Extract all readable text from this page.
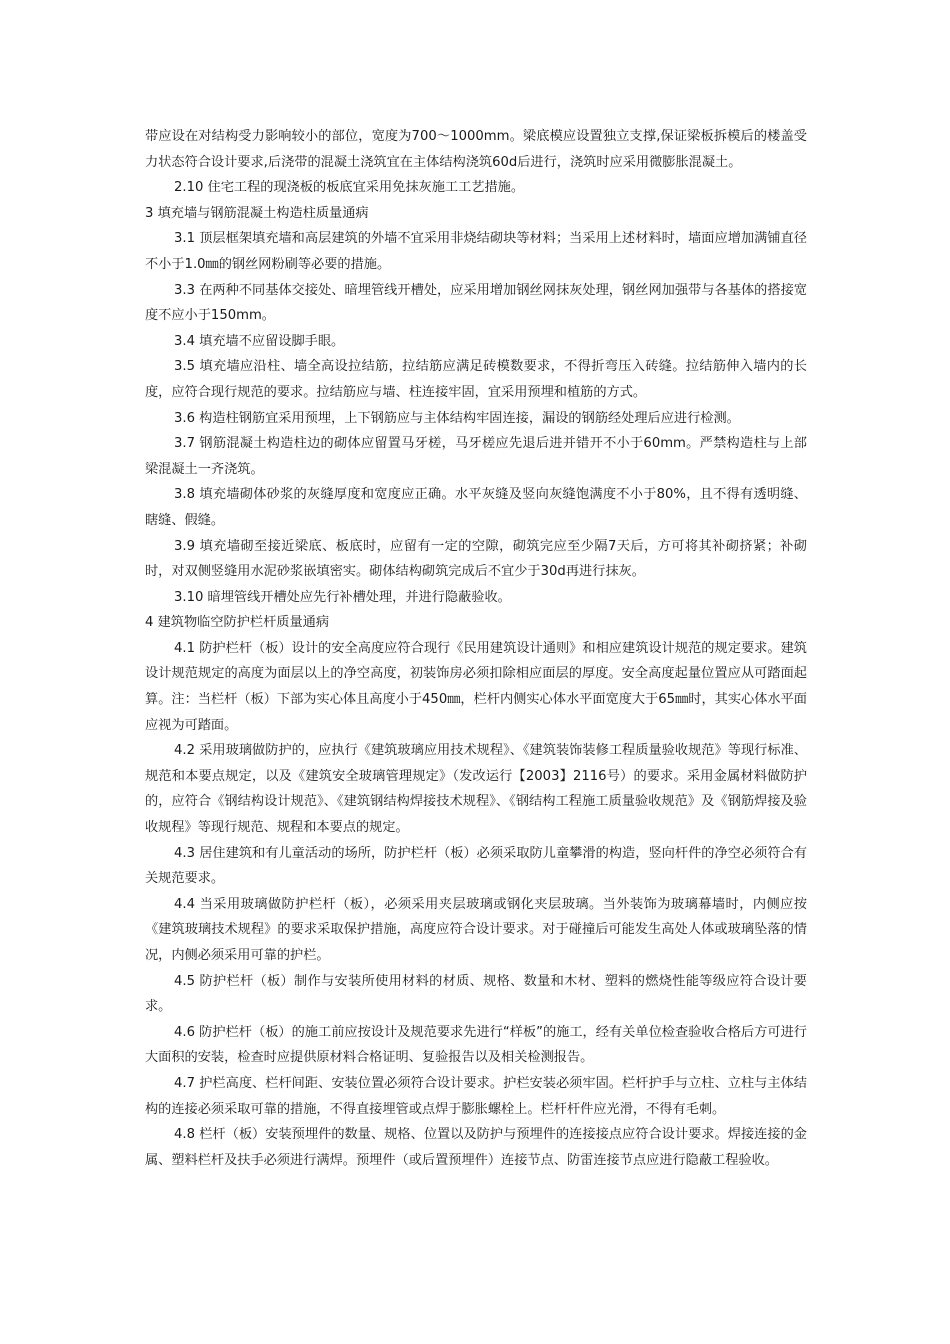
带应设在对结构受力影响较小的部位，宽度为700～1000mm。梁底模应设置独立支撑,保证梁板拆模后的楼盖受力状态符合设计要求,后浇带的混凝土浇筑宜在主体结构浇筑60d后进行，浇筑时应采用微膨胀混凝土。

2.10 住宅工程的现浇板的板底宜采用免抹灰施工工艺措施。

3 填充墙与钢筋混凝土构造柱质量通病

3.1 顶层框架填充墙和高层建筑的外墙不宜采用非烧结砌块等材料；当采用上述材料时，墙面应增加满铺直径不小于1.0㎜的钢丝网粉刷等必要的措施。

3.3 在两种不同基体交接处、暗埋管线开槽处，应采用增加钢丝网抹灰处理，钢丝网加强带与各基体的搭接宽度不应小于150mm。

3.4 填充墙不应留设脚手眼。

3.5 填充墙应沿柱、墙全高设拉结筋，拉结筋应满足砖模数要求，不得折弯压入砖缝。拉结筋伸入墙内的长度，应符合现行规范的要求。拉结筋应与墙、柱连接牢固，宜采用预埋和植筋的方式。

3.6 构造柱钢筋宜采用预埋，上下钢筋应与主体结构牢固连接，漏设的钢筋经处理后应进行检测。

3.7 钢筋混凝土构造柱边的砌体应留置马牙槎，马牙槎应先退后进并错开不小于60mm。严禁构造柱与上部梁混凝土一齐浇筑。

3.8 填充墙砌体砂浆的灰缝厚度和宽度应正确。水平灰缝及竖向灰缝饱满度不小于80%，且不得有透明缝、瞎缝、假缝。

3.9 填充墙砌至接近梁底、板底时，应留有一定的空隙，砌筑完应至少隔7天后，方可将其补砌挤紧；补砌时，对双侧竖缝用水泥砂浆嵌填密实。砌体结构砌筑完成后不宜少于30d再进行抹灰。

3.10 暗埋管线开槽处应先行补槽处理，并进行隐蔽验收。

4 建筑物临空防护栏杆质量通病

4.1 防护栏杆（板）设计的安全高度应符合现行《民用建筑设计通则》和相应建筑设计规范的规定要求。建筑设计规范规定的高度为面层以上的净空高度，初装饰房必须扣除相应面层的厚度。安全高度起量位置应从可踏面起算。注：当栏杆（板）下部为实心体且高度小于450㎜，栏杆内侧实心体水平面宽度大于65㎜时，其实心体水平面应视为可踏面。

4.2 采用玻璃做防护的，应执行《建筑玻璃应用技术规程》、《建筑装饰装修工程质量验收规范》等现行标准、规范和本要点规定，以及《建筑安全玻璃管理规定》（发改运行【2003】2116号）的要求。采用金属材料做防护的，应符合《钢结构设计规范》、《建筑钢结构焊接技术规程》、《钢结构工程施工质量验收规范》及《钢筋焊接及验收规程》等现行规范、规程和本要点的规定。

4.3 居住建筑和有儿童活动的场所，防护栏杆（板）必须采取防儿童攀滑的构造，竖向杆件的净空必须符合有关规范要求。

4.4 当采用玻璃做防护栏杆（板），必须采用夹层玻璃或钢化夹层玻璃。当外装饰为玻璃幕墙时，内侧应按《建筑玻璃技术规程》的要求采取保护措施，高度应符合设计要求。对于碰撞后可能发生高处人体或玻璃坠落的情况，内侧必须采用可靠的护栏。

4.5 防护栏杆（板）制作与安装所使用材料的材质、规格、数量和木材、塑料的燃烧性能等级应符合设计要求。

4.6 防护栏杆（板）的施工前应按设计及规范要求先进行“样板”的施工，经有关单位检查验收合格后方可进行大面积的安装，检查时应提供原材料合格证明、复验报告以及相关检测报告。

4.7 护栏高度、栏杆间距、安装位置必须符合设计要求。护栏安装必须牢固。栏杆护手与立柱、立柱与主体结构的连接必须采取可靠的措施，不得直接埋管或点焊于膨胀螺栓上。栏杆杆件应光滑，不得有毛刺。

4.8 栏杆（板）安装预埋件的数量、规格、位置以及防护与预埋件的连接接点应符合设计要求。焊接连接的金属、塑料栏杆及扶手必须进行满焊。预埋件（或后置预埋件）连接节点、防雷连接节点应进行隐蔽工程验收。
